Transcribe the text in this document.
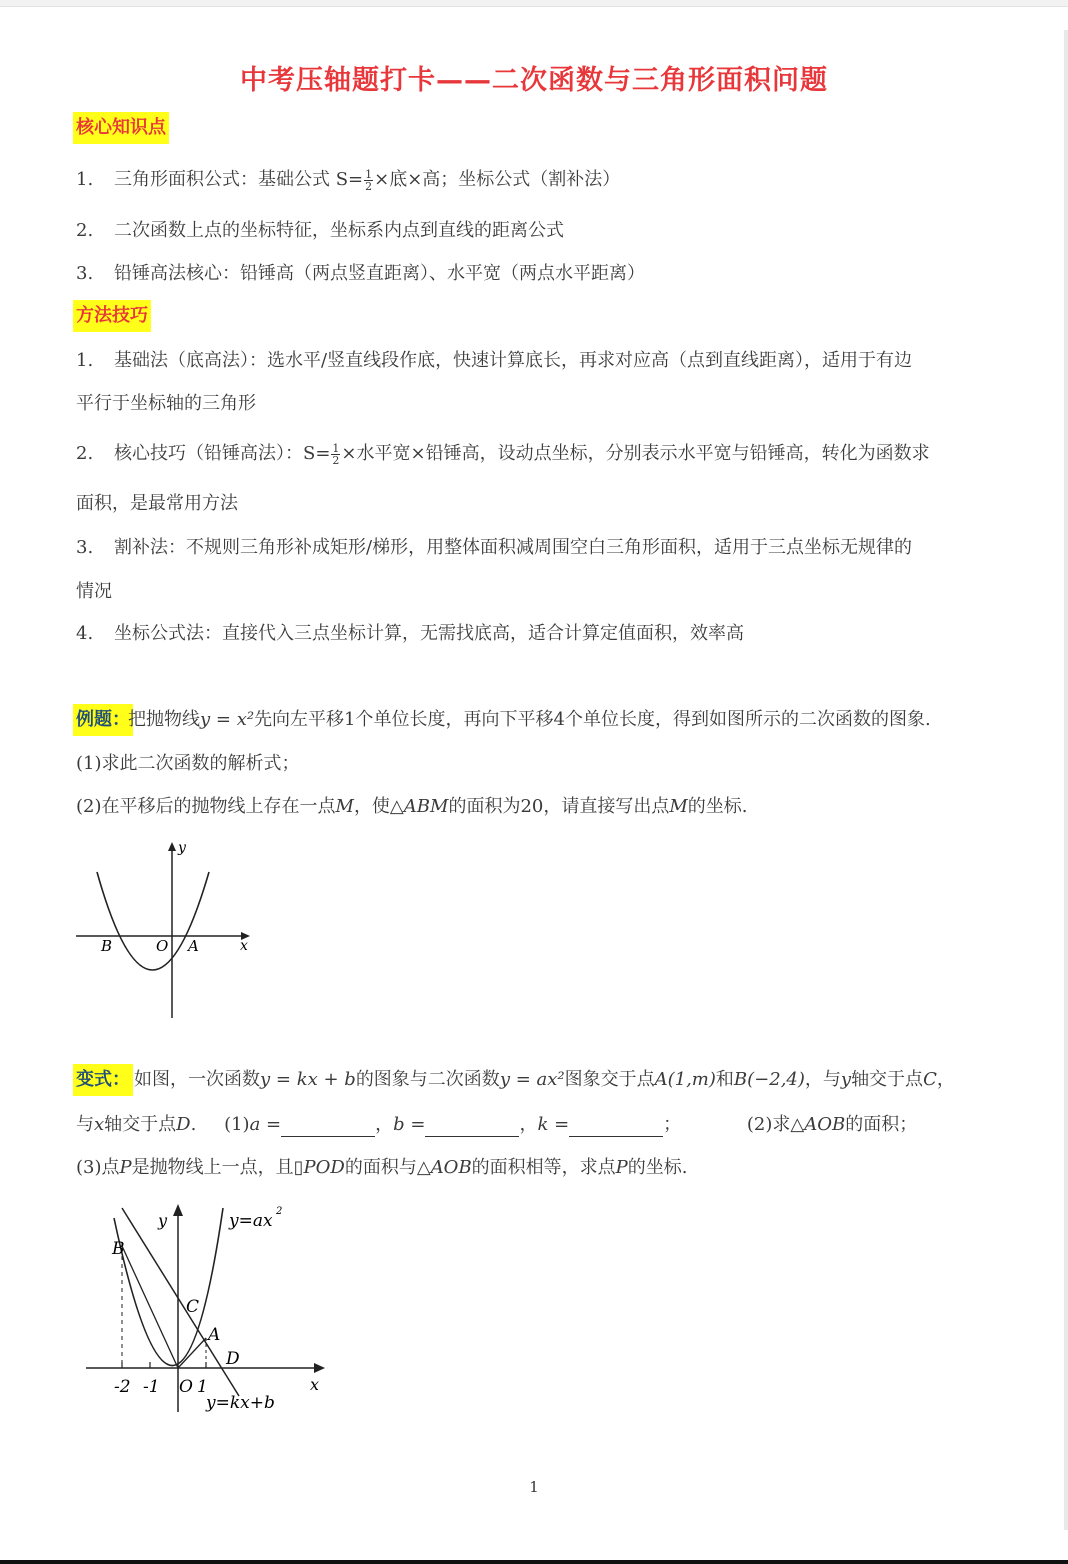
中考压轴题打卡——二次函数与三角形面积问题
核心知识点
1. 三角形面积公式：基础公式 $S= \frac{1}{2}$ ×底×高；坐标公式（割补法）
2. 二次函数上点的坐标特征，坐标系内点到直线的距离公式
3. 铅锤高法核心：铅锤高（两点竖直距离）、水平宽（两点水平距离）
方法技巧
1. 基础法（底高法）：选水平/竖直线段作底，快速计算底长，再求对应高（点到直线距离），适用于有边
平行于坐标轴的三角形
2. 核心技巧（铅锤高法）：$S= \frac{1}{2}$ ×水平宽×铅锤高，设动点坐标，分别表示水平宽与铅锤高，转化为函数求
面积，是最常用方法
3. 割补法：不规则三角形补成矩形/梯形，用整体面积减周围空白三角形面积，适用于三点坐标无规律的
情况
4. 坐标公式法：直接代入三点坐标计算，无需找底高，适合计算定值面积，效率高
例题：
把抛物线y = x²先向左平移1个单位长度，再向下平移4个单位长度，得到如图所示的二次函数的图象.
(1)求此二次函数的解析式；
(2)在平移后的抛物线上存在一点M，使△ABM的面积为20，请直接写出点M的坐标.
y
x
B	O A
变式： 如图，一次函数y = kx + b的图象与二次函数y = ax²图象交于点A(1,m)和B(−2,4)，与y轴交于点C，
与x轴交于点D. (1)a =	，b =	，k =	；	(2)求△AOB的面积；
(3)点P是抛物线上一点，且▯POD的面积与△AOB的面积相等，求点P的坐标.
y	y=ax 2
B
C
A
D
x
-2 -1 O 1
y=kx+b
1
